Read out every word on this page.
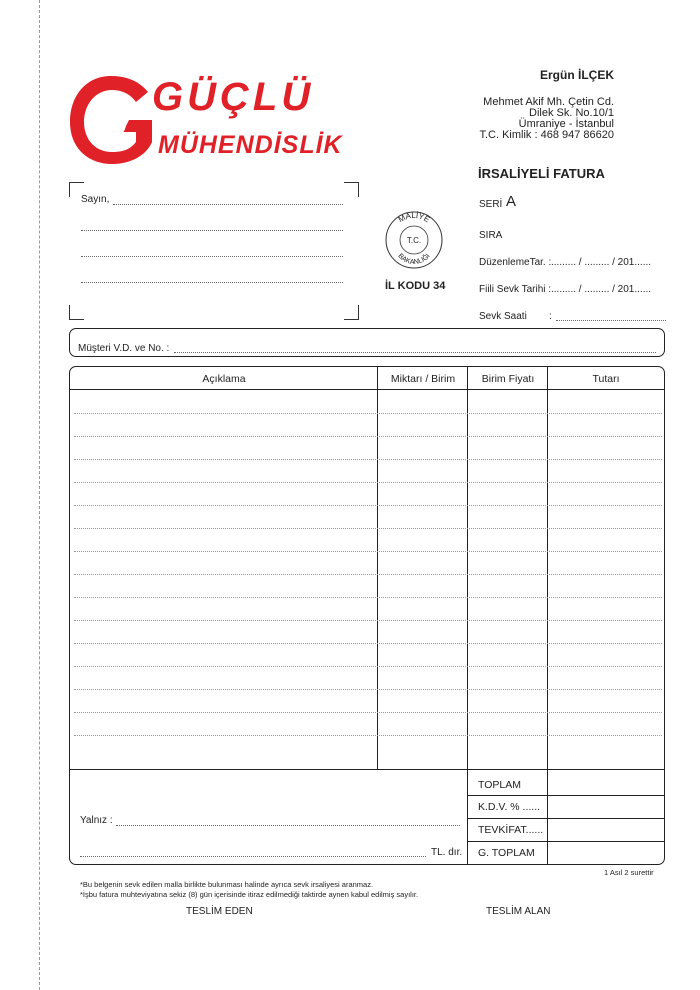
GÜÇLÜ
MÜHENDİSLİK
Ergün İLÇEK
Mehmet Akif Mh. Çetin Cd.
Dilek Sk. No.10/1
Ümraniye - İstanbul
T.C. Kimlik : 468 947 86620
Sayın,
MALİYE
BAKANLIĞI
T.C.
İL KODU 34
İRSALİYELİ FATURA
SERİ A
SIRA
DüzenlemeTar. : ......... / ......... / 201......
Fiili Sevk Tarihi : ......... / ......... / 201......
Sevk Saati :
Müşteri V.D. ve No. :
Açıklama	Miktarı / Birim	Birim Fiyatı	Tutarı
TOPLAM
K.D.V. % ......
TEVKİFAT......
G. TOPLAM
Yalnız :
TL. dır.
1 Asıl 2 surettir
*Bu belgenin sevk edilen malla birlikte bulunması halinde ayrıca sevk irsaliyesi aranmaz.
*İşbu fatura muhteviyatına sekiz (8) gün içerisinde itiraz edilmediği taktirde aynen kabul edilmiş sayılır.
TESLİM EDEN	TESLİM ALAN
